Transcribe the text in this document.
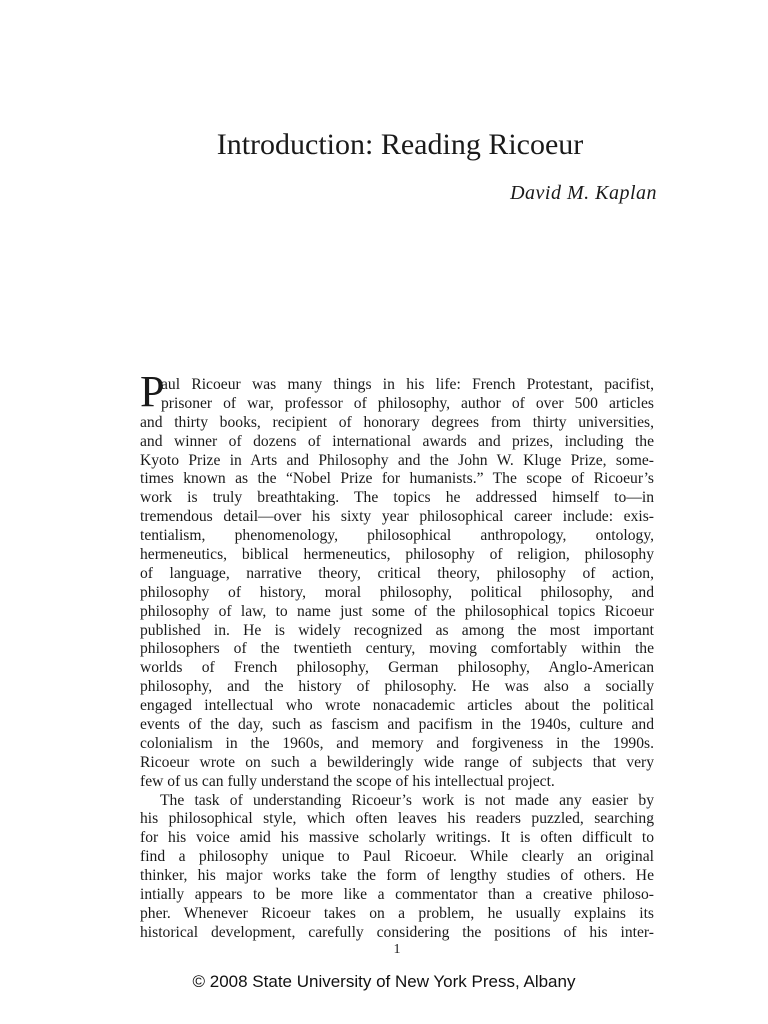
Introduction: Reading Ricoeur
David M. Kaplan
P
aul Ricoeur was many things in his life: French Protestant, pacifist,
prisoner of war, professor of philosophy, author of over 500 articles
and thirty books, recipient of honorary degrees from thirty universities,
and winner of dozens of international awards and prizes, including the
Kyoto Prize in Arts and Philosophy and the John W. Kluge Prize, some-
times known as the “Nobel Prize for humanists.” The scope of Ricoeur’s
work is truly breathtaking. The topics he addressed himself to—in
tremendous detail—over his sixty year philosophical career include: exis-
tentialism, phenomenology, philosophical anthropology, ontology,
hermeneutics, biblical hermeneutics, philosophy of religion, philosophy
of language, narrative theory, critical theory, philosophy of action,
philosophy of history, moral philosophy, political philosophy, and
philosophy of law, to name just some of the philosophical topics Ricoeur
published in. He is widely recognized as among the most important
philosophers of the twentieth century, moving comfortably within the
worlds of French philosophy, German philosophy, Anglo-American
philosophy, and the history of philosophy. He was also a socially
engaged intellectual who wrote nonacademic articles about the political
events of the day, such as fascism and pacifism in the 1940s, culture and
colonialism in the 1960s, and memory and forgiveness in the 1990s.
Ricoeur wrote on such a bewilderingly wide range of subjects that very
few of us can fully understand the scope of his intellectual project.
The task of understanding Ricoeur’s work is not made any easier by
his philosophical style, which often leaves his readers puzzled, searching
for his voice amid his massive scholarly writings. It is often difficult to
find a philosophy unique to Paul Ricoeur. While clearly an original
thinker, his major works take the form of lengthy studies of others. He
intially appears to be more like a commentator than a creative philoso-
pher. Whenever Ricoeur takes on a problem, he usually explains its
historical development, carefully considering the positions of his inter-
1
© 2008 State University of New York Press, Albany
